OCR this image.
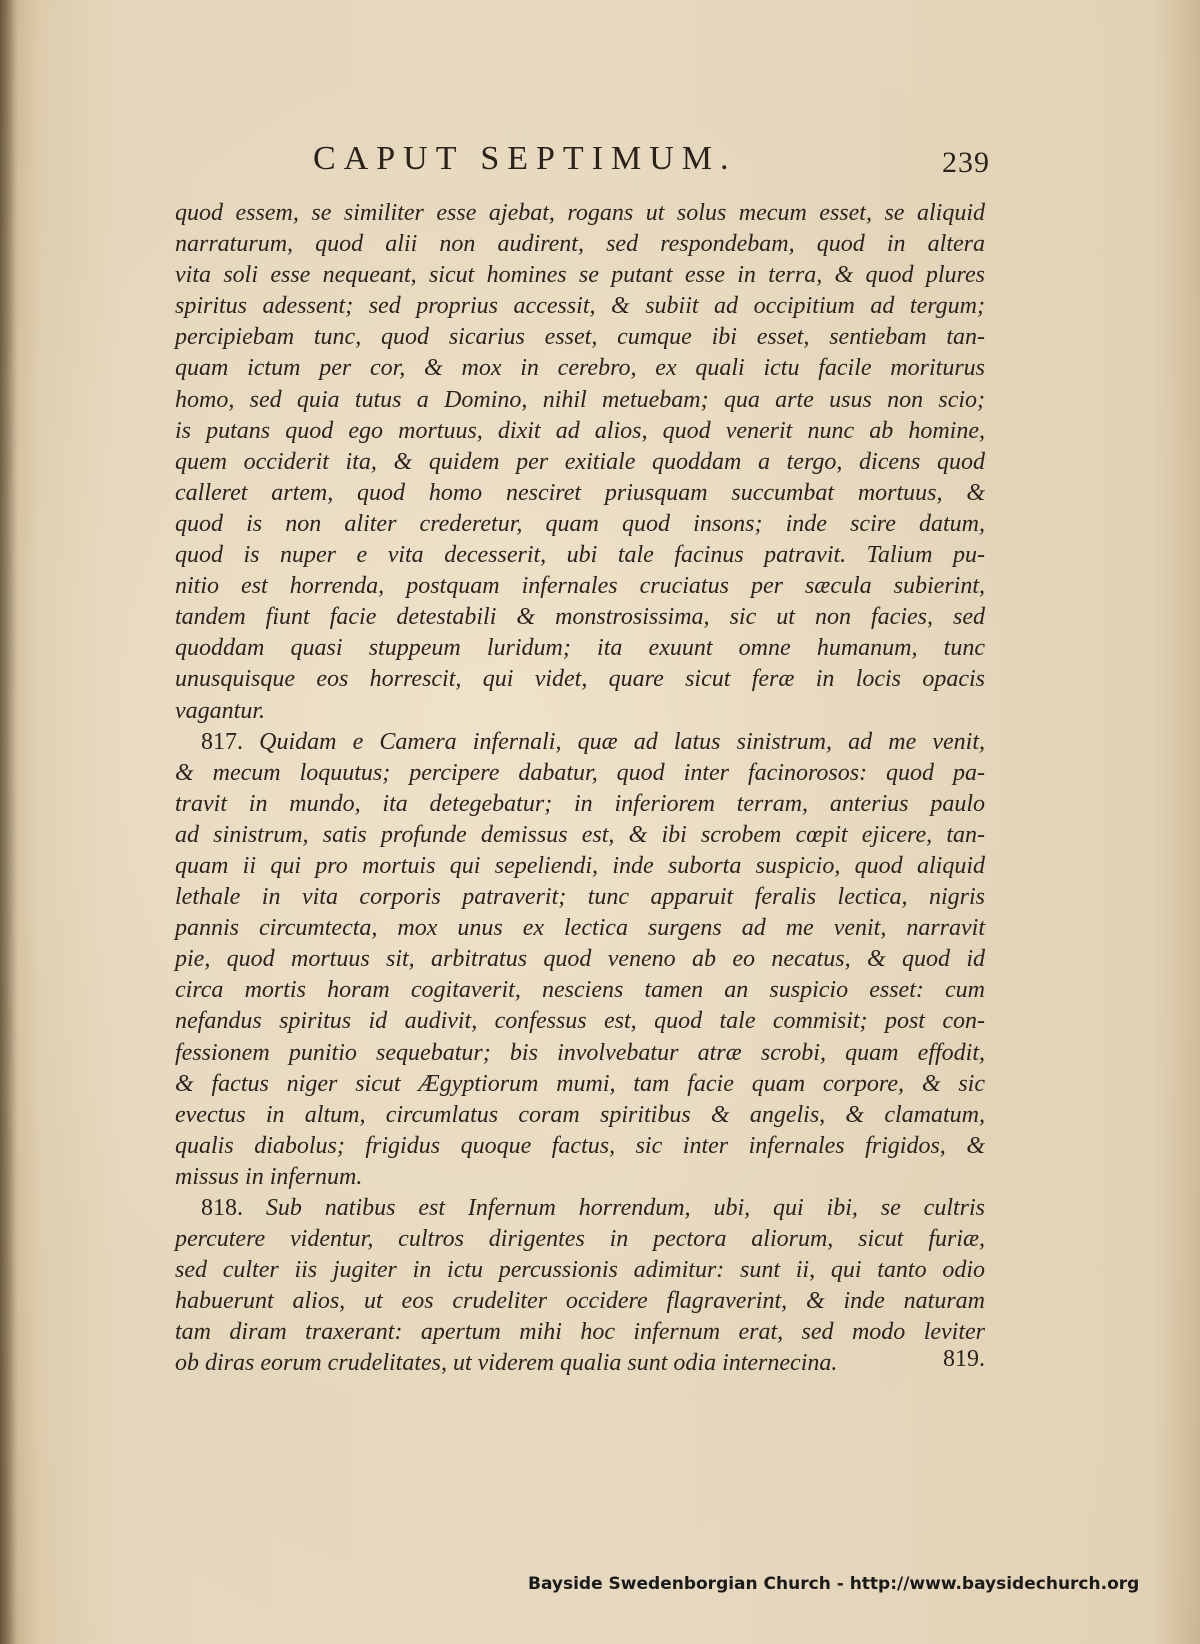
CAPUT SEPTIMUM.	239
quod essem, se similiter esse ajebat, rogans ut solus mecum esset, se aliquid
narraturum, quod alii non audirent, sed respondebam, quod in altera
vita soli esse nequeant, sicut homines se putant esse in terra, & quod plures
spiritus adessent; sed proprius accessit, & subiit ad occipitium ad tergum;
percipiebam tunc, quod sicarius esset, cumque ibi esset, sentiebam tan-
quam ictum per cor, & mox in cerebro, ex quali ictu facile moriturus
homo, sed quia tutus a Domino, nihil metuebam; qua arte usus non scio;
is putans quod ego mortuus, dixit ad alios, quod venerit nunc ab homine,
quem occiderit ita, & quidem per exitiale quoddam a tergo, dicens quod
calleret artem, quod homo nesciret priusquam succumbat mortuus, &
quod is non aliter crederetur, quam quod insons; inde scire datum,
quod is nuper e vita decesserit, ubi tale facinus patravit. Talium pu-
nitio est horrenda, postquam infernales cruciatus per sæcula subierint,
tandem fiunt facie detestabili & monstrosissima, sic ut non facies, sed
quoddam quasi stuppeum luridum; ita exuunt omne humanum, tunc
unusquisque eos horrescit, qui videt, quare sicut feræ in locis opacis
vagantur.
817. Quidam e Camera infernali, quæ ad latus sinistrum, ad me venit,
& mecum loquutus; percipere dabatur, quod inter facinorosos: quod pa-
travit in mundo, ita detegebatur; in inferiorem terram, anterius paulo
ad sinistrum, satis profunde demissus est, & ibi scrobem cœpit ejicere, tan-
quam ii qui pro mortuis qui sepeliendi, inde suborta suspicio, quod aliquid
lethale in vita corporis patraverit; tunc apparuit feralis lectica, nigris
pannis circumtecta, mox unus ex lectica surgens ad me venit, narravit
pie, quod mortuus sit, arbitratus quod veneno ab eo necatus, & quod id
circa mortis horam cogitaverit, nesciens tamen an suspicio esset: cum
nefandus spiritus id audivit, confessus est, quod tale commisit; post con-
fessionem punitio sequebatur; bis involvebatur atræ scrobi, quam effodit,
& factus niger sicut Ægyptiorum mumi, tam facie quam corpore, & sic
evectus in altum, circumlatus coram spiritibus & angelis, & clamatum,
qualis diabolus; frigidus quoque factus, sic inter infernales frigidos, &
missus in infernum.
818. Sub natibus est Infernum horrendum, ubi, qui ibi, se cultris
percutere videntur, cultros dirigentes in pectora aliorum, sicut furiæ,
sed culter iis jugiter in ictu percussionis adimitur: sunt ii, qui tanto odio
habuerunt alios, ut eos crudeliter occidere flagraverint, & inde naturam
tam diram traxerant: apertum mihi hoc infernum erat, sed modo leviter
ob diras eorum crudelitates, ut viderem qualia sunt odia internecina.	819.
Bayside Swedenborgian Church - http://www.baysidechurch.org
